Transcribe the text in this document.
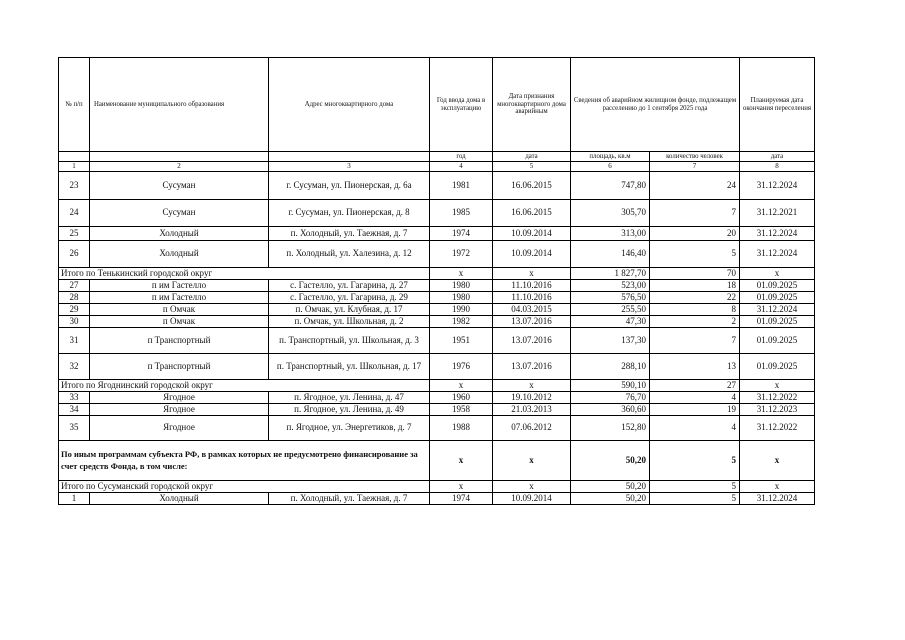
№ п/п	Наименование муниципального образования	Адрес многоквартирного дома	Год ввода дома в эксплуатацию	Дата признания многоквартирного дома аварийным	Сведения об аварийном жилищном фонде, подлежащем расселению до 1 сентября 2025 года		Планируемая дата окончания переселения
			год	дата	площадь, кв.м	количество человек	дата
1	2	3	4	5	6	7	8
23	Сусуман	г. Сусуман, ул. Пионерская, д. 6а	1981	16.06.2015	747,80	24	31.12.2024
24	Сусуман	г. Сусуман, ул. Пионерская, д. 8	1985	16.06.2015	305,70	7	31.12.2021
25	Холодный	п. Холодный, ул. Таежная, д. 7	1974	10.09.2014	313,00	20	31.12.2024
26	Холодный	п. Холодный, ул. Халезина, д. 12	1972	10.09.2014	146,40	5	31.12.2024
Итого по Тенькинский городской округ			x	x	1 827,70	70	x
27	п им Гастелло	с. Гастелло, ул. Гагарина, д. 27	1980	11.10.2016	523,00	18	01.09.2025
28	п им Гастелло	с. Гастелло, ул. Гагарина, д. 29	1980	11.10.2016	576,50	22	01.09.2025
29	п Омчак	п. Омчак, ул. Клубная, д. 17	1990	04.03.2015	255,50	8	31.12.2024
30	п Омчак	п. Омчак, ул. Школьная, д. 2	1982	13.07.2016	47,30	2	01.09.2025
31	п Транспортный	п. Транспортный, ул. Школьная, д. 3	1951	13.07.2016	137,30	7	01.09.2025
32	п Транспортный	п. Транспортный, ул. Школьная, д. 17	1976	13.07.2016	288,10	13	01.09.2025
Итого по Ягоднинский городской округ			x	x	590,10	27	x
33	Ягодное	п. Ягодное, ул. Ленина, д. 47	1960	19.10.2012	76,70	4	31.12.2022
34	Ягодное	п. Ягодное, ул. Ленина, д. 49	1958	21.03.2013	360,60	19	31.12.2023
35	Ягодное	п. Ягодное, ул. Энергетиков, д. 7	1988	07.06.2012	152,80	4	31.12.2022
По иным программам субъекта РФ, в рамках которых не предусмотрено финансирование за счет средств Фонда, в том числе:			x	x	50,20	5	x
Итого по Сусуманский городской округ			x	x	50,20	5	x
1	Холодный	п. Холодный, ул. Таежная, д. 7	1974	10.09.2014	50,20	5	31.12.2024
